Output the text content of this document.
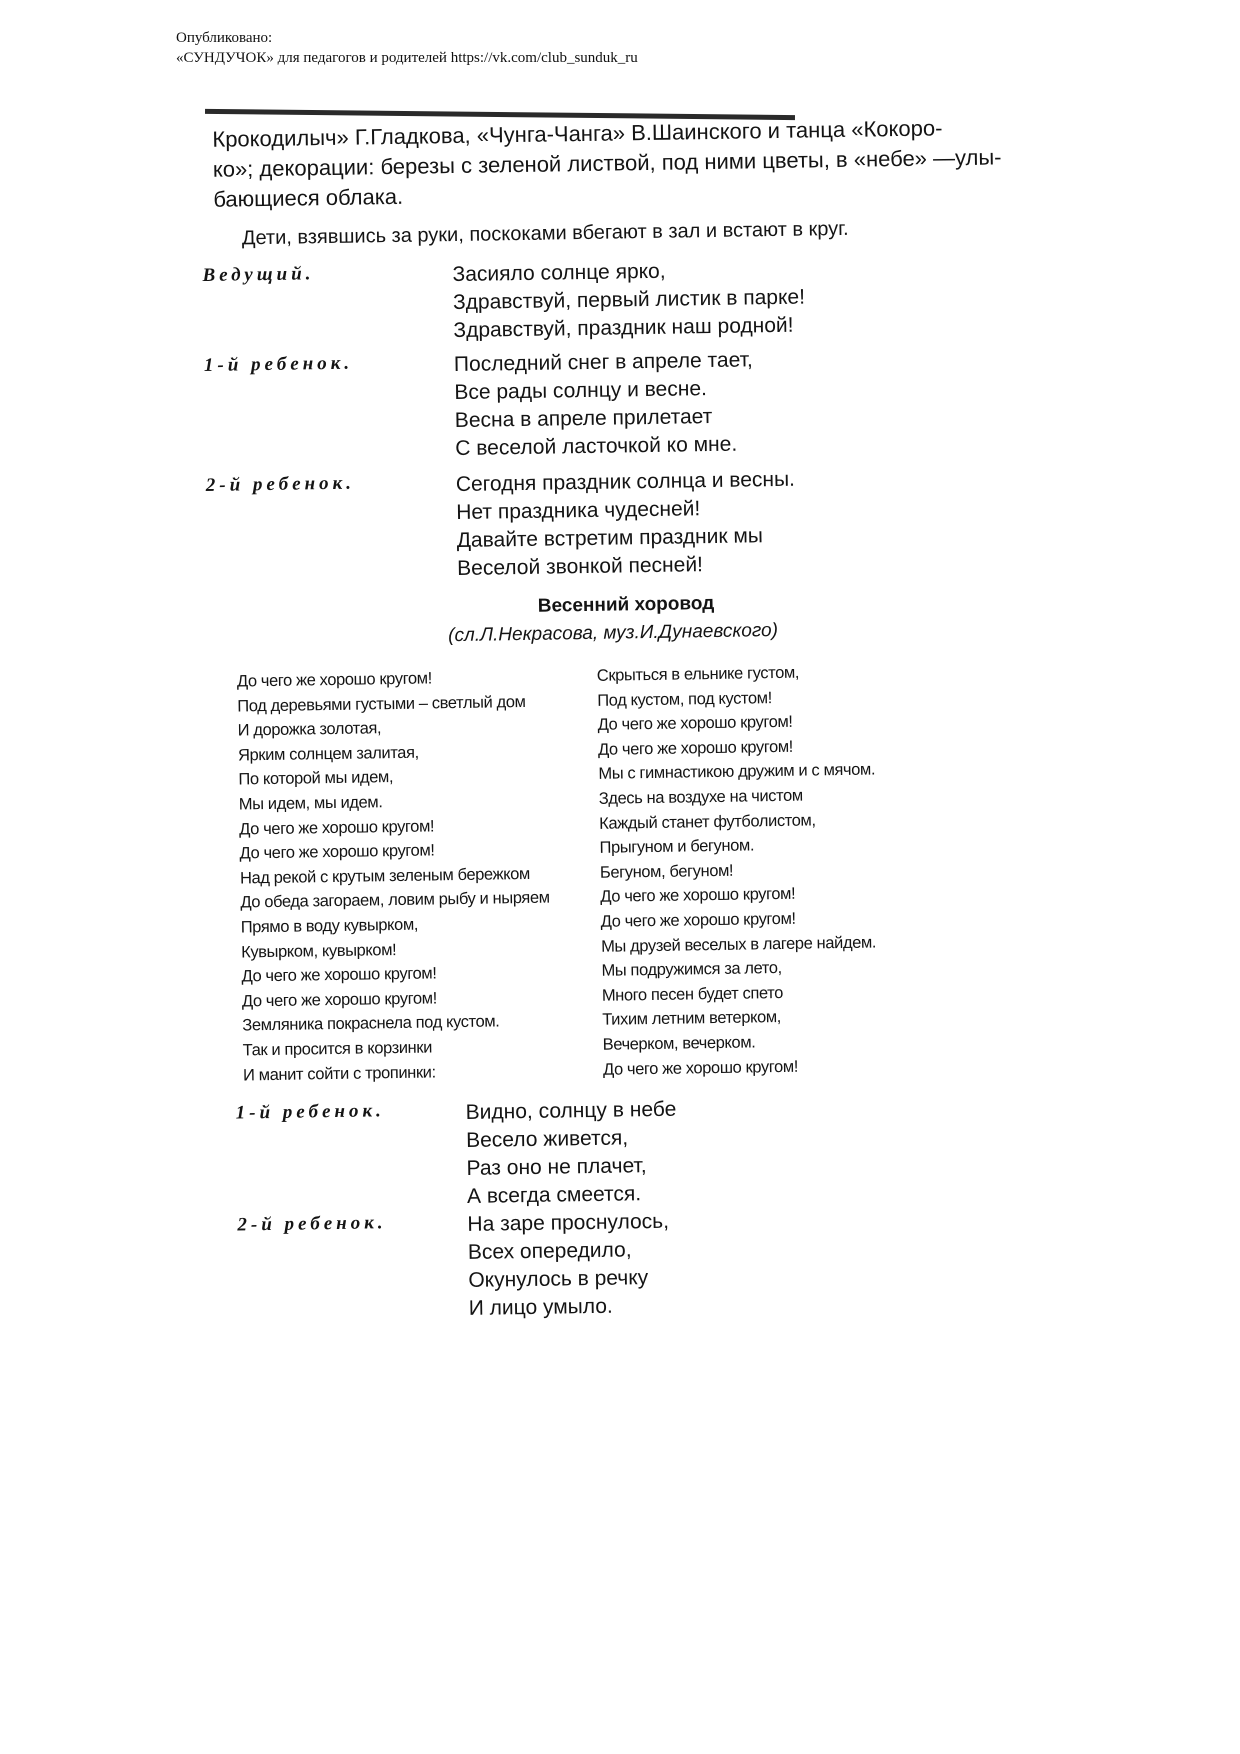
Опубликовано:
«СУНДУЧОК» для педагогов и родителей https://vk.com/club_sunduk_ru

Крокодилыч» Г.Гладкова, «Чунга-Чанга» В.Шаинского и танца «Кокоро-

ко»; декорации: березы с зеленой листвой, под ними цветы, в «небе» —улы-

бающиеся облака.

Дети, взявшись за руки, поскоками вбегают в зал и встают в круг.
Ведущий.	Засияло солнце ярко,
Здравствуй, первый листик в парке!
Здравствуй, праздник наш родной!
1-й ребенок.	Последний снег в апреле тает,
Все рады солнцу и весне.
Весна в апреле прилетает
С веселой ласточкой ко мне.
2-й ребенок.	Сегодня праздник солнца и весны.
Нет праздника чудесней!
Давайте встретим праздник мы
Веселой звонкой песней!
Весенний хоровод
(сл.Л.Некрасова, муз.И.Дунаевского)
До чего же хорошо кругом!
Под деревьями густыми – светлый дом
И дорожка золотая,
Ярким солнцем залитая,
По которой мы идем,
Мы идем, мы идем.
До чего же хорошо кругом!
До чего же хорошо кругом!
Над рекой с крутым зеленым бережком
До обеда загораем, ловим рыбу и ныряем
Прямо в воду кувырком,
Кувырком, кувырком!
До чего же хорошо кругом!
До чего же хорошо кругом!
Земляника покраснела под кустом.
Так и просится в корзинки
И манит сойти с тропинки:
Скрыться в ельнике густом,
Под кустом, под кустом!
До чего же хорошо кругом!
До чего же хорошо кругом!
Мы с гимнастикою дружим и с мячом.
Здесь на воздухе на чистом
Каждый станет футболистом,
Прыгуном и бегуном.
Бегуном, бегуном!
До чего же хорошо кругом!
До чего же хорошо кругом!
Мы друзей веселых в лагере найдем.
Мы подружимся за лето,
Много песен будет спето
Тихим летним ветерком,
Вечерком, вечерком.
До чего же хорошо кругом!
1-й ребенок.	Видно, солнцу в небе
Весело живется,
Раз оно не плачет,
А всегда смеется.
2-й ребенок.	На заре проснулось,
Всех опередило,
Окунулось в речку
И лицо умыло.
